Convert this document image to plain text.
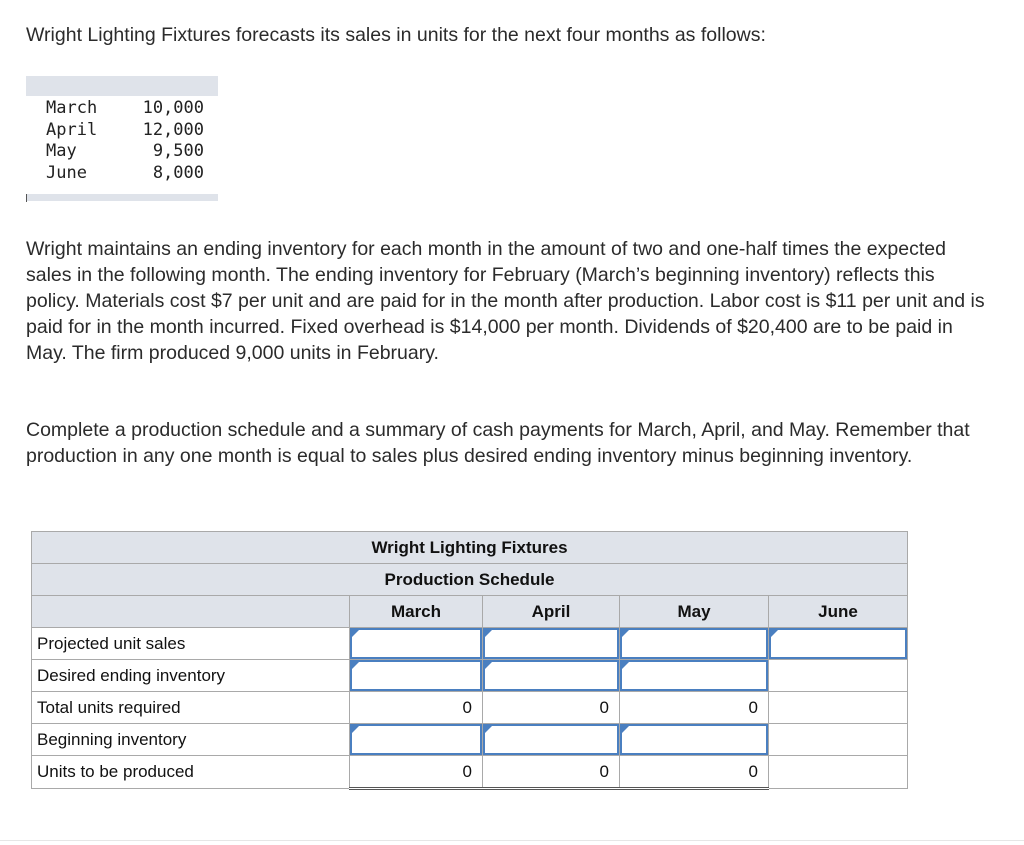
Wright Lighting Fixtures forecasts its sales in units for the next four months as follows:

March	10,000
April	12,000
May	9,500
June	8,000

Wright maintains an ending inventory for each month in the amount of two and one-half times the expected sales in the following month. The ending inventory for February (March’s beginning inventory) reflects this policy. Materials cost $7 per unit and are paid for in the month after production. Labor cost is $11 per unit and is paid for in the month incurred. Fixed overhead is $14,000 per month. Dividends of $20,400 are to be paid in May. The firm produced 9,000 units in February.

Complete a production schedule and a summary of cash payments for March, April, and May. Remember that production in any one month is equal to sales plus desired ending inventory minus beginning inventory.

Wright Lighting Fixtures				
Production Schedule				
	March	April	May	June
Projected unit sales	

Desired ending inventory	

Total units required	0	0	0	
Beginning inventory	

Units to be produced	0	0	0	
